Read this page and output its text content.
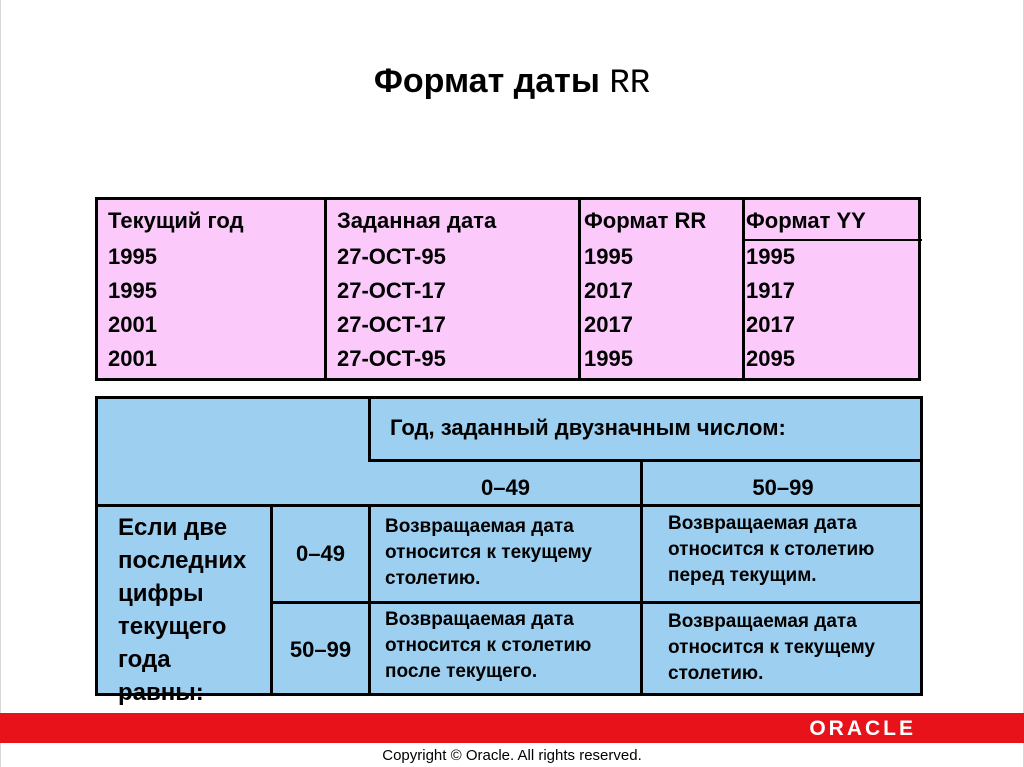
Формат даты RR
Текущий год
1995
1995
2001
2001
Заданная дата
27-OCT-95
27-OCT-17
27-OCT-17
27-OCT-95
Формат RR
1995
2017
2017
1995
Формат YY
1995
1917
2017
2095
Год, заданный двузначным числом:
0–49	50–99
Если две
последних
цифры
текущего
года
равны:
0–49
50–99
Возвращаемая дата
относится к текущему
столетию.
Возвращаемая дата
относится к столетию
перед текущим.
Возвращаемая дата
относится к столетию
после текущего.
Возвращаемая дата
относится к текущему
столетию.
ORACLE
Copyright © Oracle. All rights reserved.
